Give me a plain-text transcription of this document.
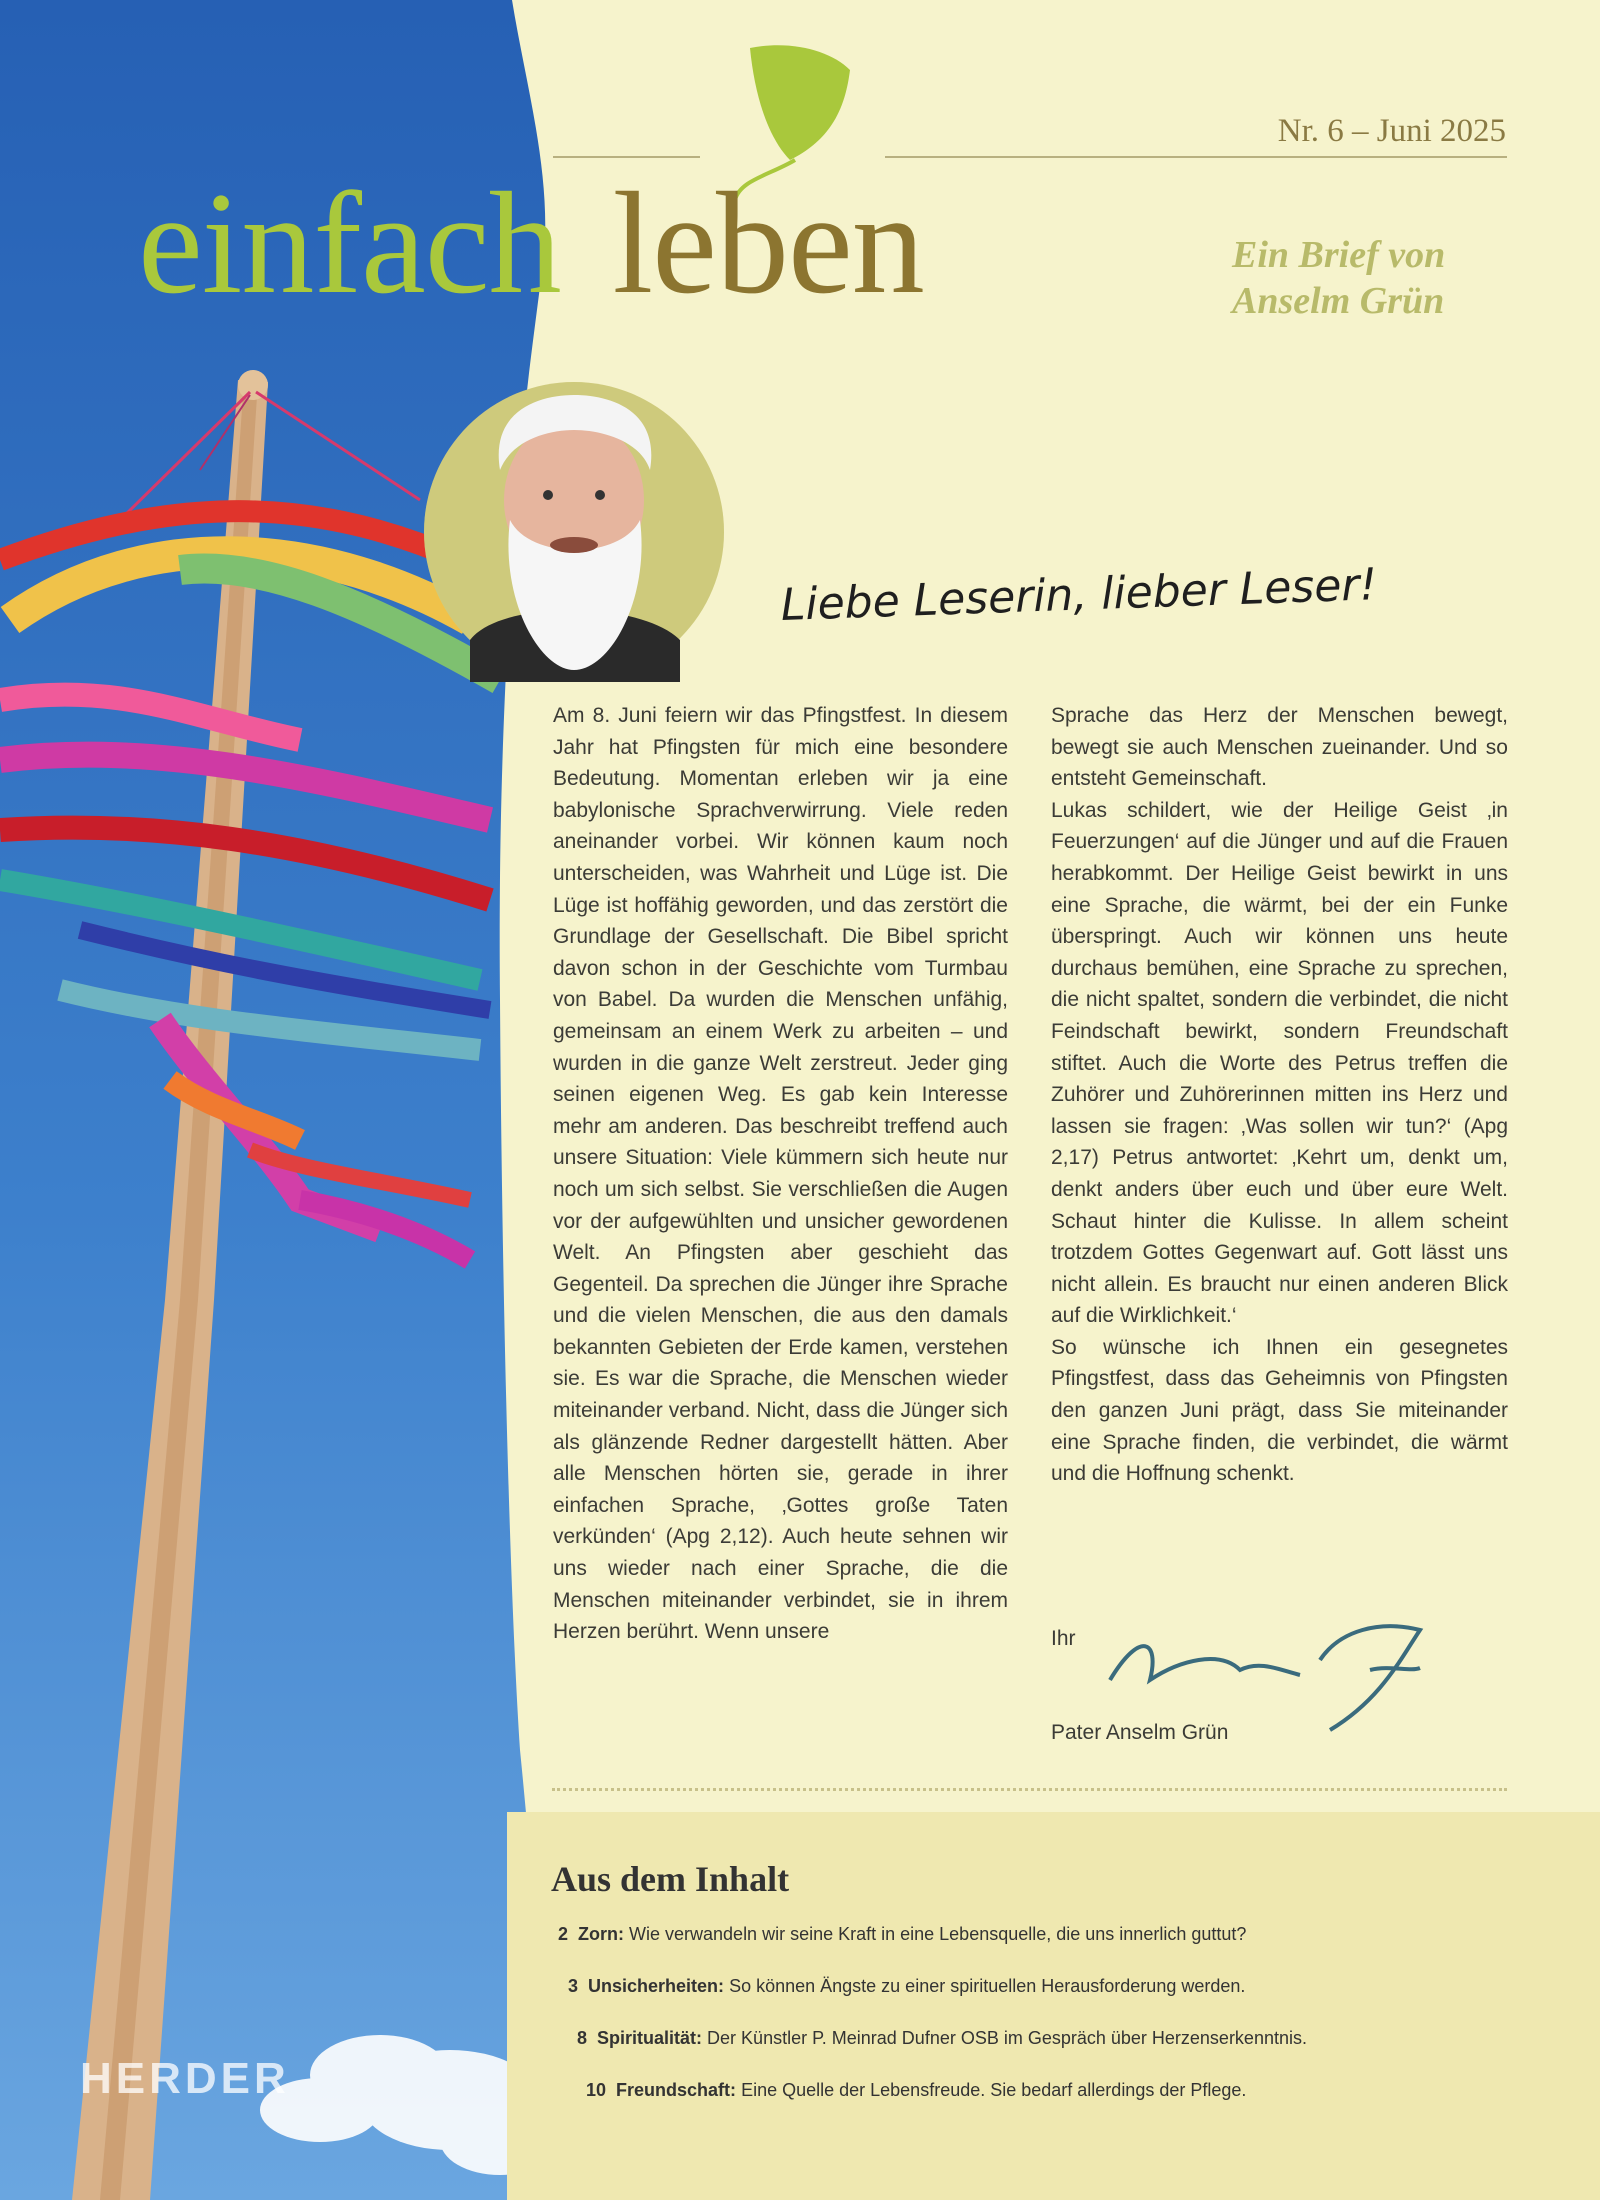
Nr. 6 – Juni 2025
einfach leben	Ein Brief von
Anselm Grün
Liebe Leserin, lieber Leser!

Am 8. Juni feiern wir das Pfingstfest. In diesem Jahr hat Pfingsten für mich eine besondere Bedeutung. Momentan erleben wir ja eine babylonische Sprachverwirrung. Viele reden aneinander vorbei. Wir können kaum noch unterscheiden, was Wahrheit und Lüge ist. Die Lüge ist hoffähig geworden, und das zerstört die Grundlage der Gesellschaft. Die Bibel spricht davon schon in der Geschichte vom Turmbau von Babel. Da wurden die Menschen unfähig, gemeinsam an einem Werk zu arbeiten – und wurden in die ganze Welt zerstreut. Jeder ging seinen eigenen Weg. Es gab kein Interesse mehr am anderen. Das beschreibt treffend auch unsere Situation: Viele kümmern sich heute nur noch um sich selbst. Sie verschließen die Augen vor der aufgewühlten und unsicher gewordenen Welt. An Pfingsten aber geschieht das Gegenteil. Da sprechen die Jünger ihre Sprache und die vielen Menschen, die aus den damals bekannten Gebieten der Erde kamen, verstehen sie. Es war die Sprache, die Menschen wieder miteinander verband. Nicht, dass die Jünger sich als glänzende Redner dargestellt hätten. Aber alle Menschen hörten sie, gerade in ihrer einfachen Sprache, ‚Gottes große Taten verkünden‘ (Apg 2,12). Auch heute sehnen wir uns wieder nach einer Sprache, die die Menschen miteinander verbindet, sie in ihrem Herzen berührt. Wenn unsere

Sprache das Herz der Menschen bewegt, bewegt sie auch Menschen zueinander. Und so entsteht Gemeinschaft.

Lukas schildert, wie der Heilige Geist ‚in Feuerzungen‘ auf die Jünger und auf die Frauen herabkommt. Der Heilige Geist bewirkt in uns eine Sprache, die wärmt, bei der ein Funke überspringt. Auch wir können uns heute durchaus bemühen, eine Sprache zu sprechen, die nicht spaltet, sondern die verbindet, die nicht Feindschaft bewirkt, sondern Freundschaft stiftet. Auch die Worte des Petrus treffen die Zuhörer und Zuhörerinnen mitten ins Herz und lassen sie fragen: ‚Was sollen wir tun?‘ (Apg 2,17) Petrus antwortet: ‚Kehrt um, denkt um, denkt anders über euch und über eure Welt. Schaut hinter die Kulisse. In allem scheint trotzdem Gottes Gegenwart auf. Gott lässt uns nicht allein. Es braucht nur einen anderen Blick auf die Wirklichkeit.‘

So wünsche ich Ihnen ein gesegnetes Pfingstfest, dass das Geheimnis von Pfingsten den ganzen Juni prägt, dass Sie miteinander eine Sprache finden, die verbindet, die wärmt und die Hoffnung schenkt.

Ihr
Pater Anselm Grün
Aus dem Inhalt
2 Zorn: Wie verwandeln wir seine Kraft in eine Lebensquelle, die uns innerlich guttut?
3 Unsicherheiten: So können Ängste zu einer spirituellen Herausforderung werden.
8 Spiritualität: Der Künstler P. Meinrad Dufner OSB im Gespräch über Herzenserkenntnis.
10 Freundschaft: Eine Quelle der Lebensfreude. Sie bedarf allerdings der Pflege.
HERDER
